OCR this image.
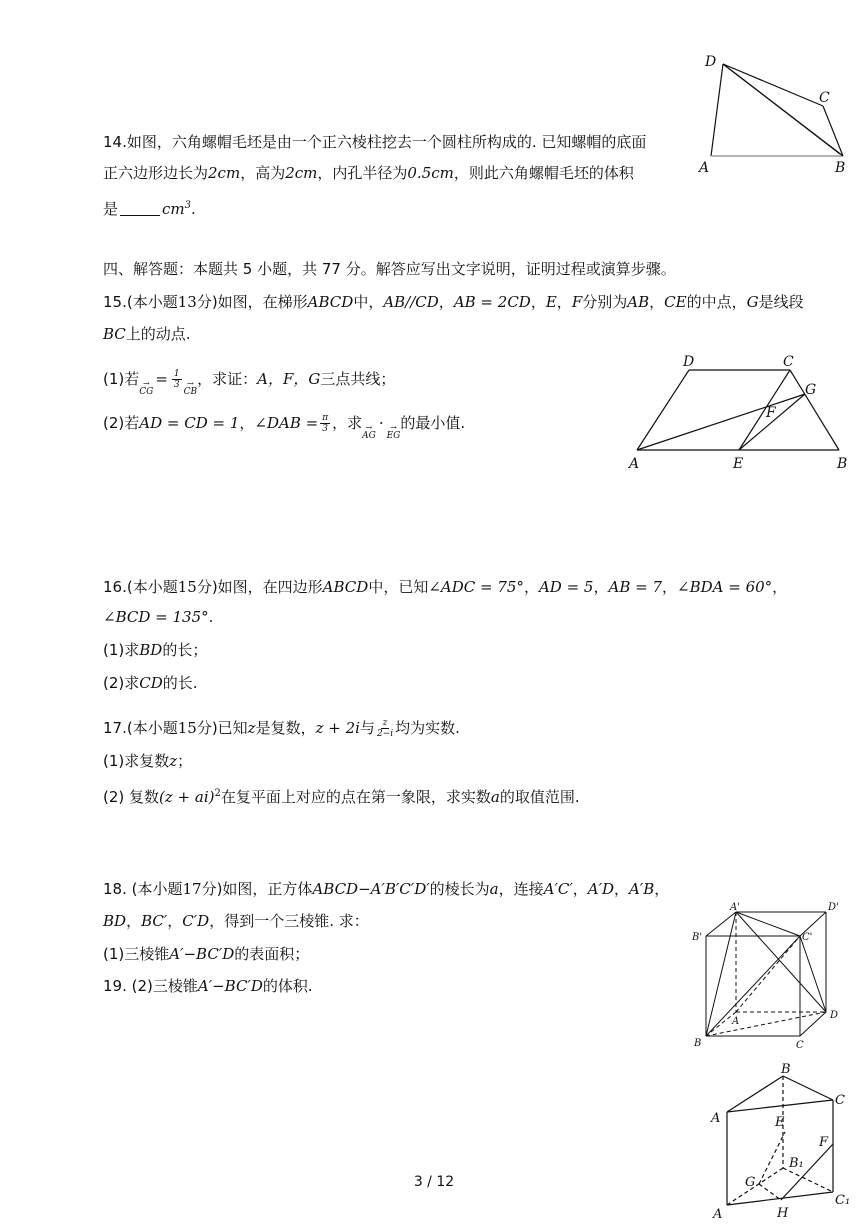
D
C
A	B
14.如图，六角螺帽毛坯是由一个正六棱柱挖去一个圆柱所构成的. 已知螺帽的底面
正六边形边长为2cm，高为2cm，内孔半径为0.5cm，则此六角螺帽毛坯的体积
是	$cm^3$.
四、解答题：本题共 5 小题，共 77 分。解答应写出文字说明，证明过程或演算步骤。
15.(本小题13分)如图，在梯形ABCD中，AB//CD，AB = 2CD，E，F分别为AB，CE的中点，G是线段
BC上的动点.
(1)若 →
CG
= $\frac{1}{3}$ →
CB
，求证：A，F，G三点共线；
(2)若AD = CD = 1，∠DAB = $\frac{\pi}{3}$ ，求 →
AG
· →
EG
的最小值.
D	C
G
F
A	E	B
16.(本小题15分)如图，在四边形ABCD中，已知∠ADC = 75°，AD = 5，AB = 7，∠BDA = 60°，
∠BCD = 135°.
(1)求BD的长；
(2)求CD的长.
17.(本小题15分)已知z是复数，z + 2i与 $\frac{z}{2-i}$ 均为实数.
(1)求复数z；
(2) 复数(z + ai)$^2$在复平面上对应的点在第一象限，求实数a的取值范围.
18. (本小题17分)如图，正方体ABCD−A′B′C′D′的棱长为a，连接A′C′，A′D，A′B，
BD，BC′，C′D，得到一个三棱锥. 求：
(1)三棱锥A′−BC′D的表面积；
19. (2)三棱锥A′−BC′D的体积.
A'	D'
B'	C'
A
D
B	C
B
A
C
E
F
B₁
G
A	H
C₁
3 / 12
